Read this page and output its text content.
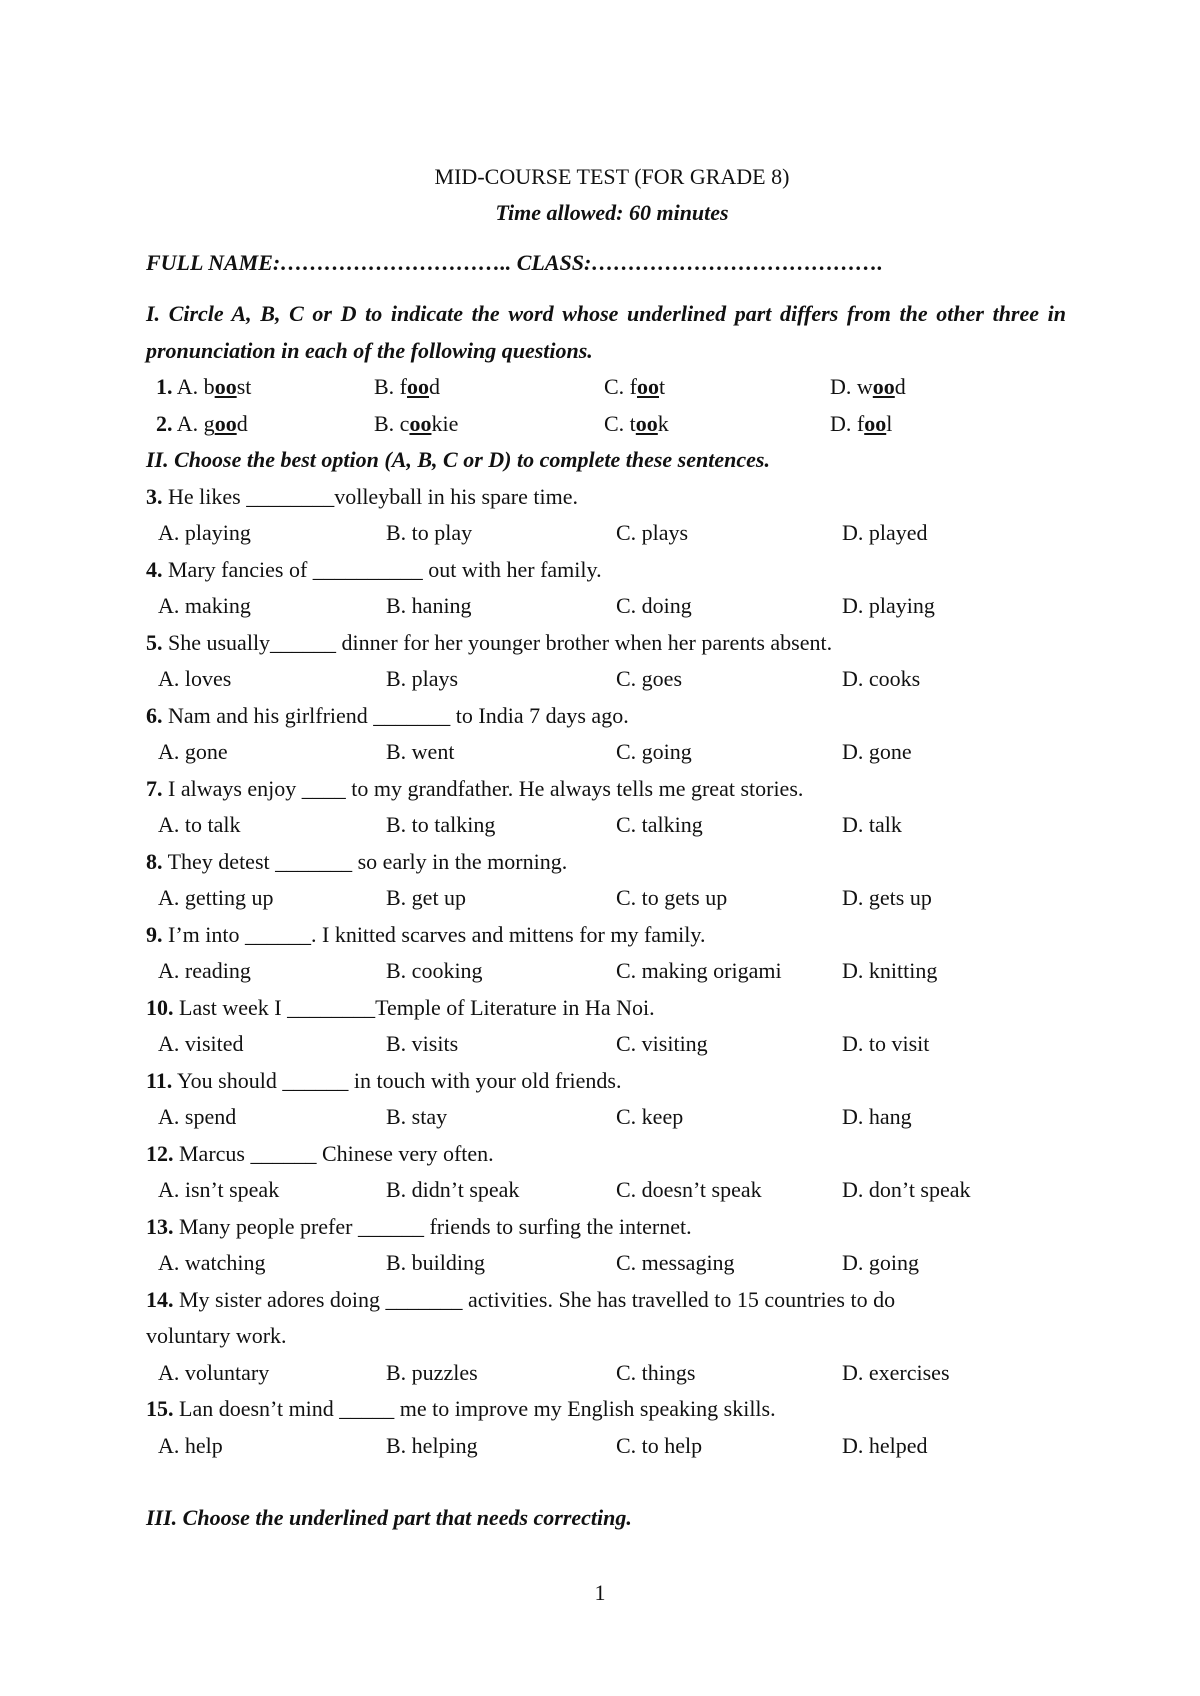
MID-COURSE TEST (FOR GRADE 8)
Time allowed: 60 minutes
FULL NAME:………………………….. CLASS:………………………………….
I. Circle A, B, C or D to indicate the word whose underlined part differs from the other three in pronunciation in each of the following questions.
1. A. boost	B. food	C. foot	D. wood
2. A. good	B. cookie	C. took	D. fool
II. Choose the best option (A, B, C or D) to complete these sentences.
3. He likes ________volleyball in his spare time.
A. playing	B. to play	C. plays	D. played
4. Mary fancies of __________ out with her family.
A. making	B. haning	C. doing	D. playing
5. She usually______ dinner for her younger brother when her parents absent.
A. loves	B. plays	C. goes	D. cooks
6. Nam and his girlfriend _______ to India 7 days ago.
A. gone	B. went	C. going	D. gone
7. I always enjoy ____ to my grandfather. He always tells me great stories.
A. to talk	B. to talking	C. talking	D. talk
8. They detest _______ so early in the morning.
A. getting up	B. get up	C. to gets up	D. gets up
9. I’m into ______. I knitted scarves and mittens for my family.
A. reading	B. cooking	C. making origami	D. knitting
10. Last week I ________Temple of Literature in Ha Noi.
A. visited	B. visits	C. visiting	D. to visit
11. You should ______ in touch with your old friends.
A. spend	B. stay	C. keep	D. hang
12. Marcus ______ Chinese very often.
A. isn’t speak	B. didn’t speak	C. doesn’t speak	D. don’t speak
13. Many people prefer ______ friends to surfing the internet.
A. watching	B. building	C. messaging	D. going
14. My sister adores doing _______ activities. She has travelled to 15 countries to do
voluntary work.
A. voluntary	B. puzzles	C. things	D. exercises
15. Lan doesn’t mind _____ me to improve my English speaking skills.
A. help	B. helping	C. to help	D. helped
III. Choose the underlined part that needs correcting.
1
